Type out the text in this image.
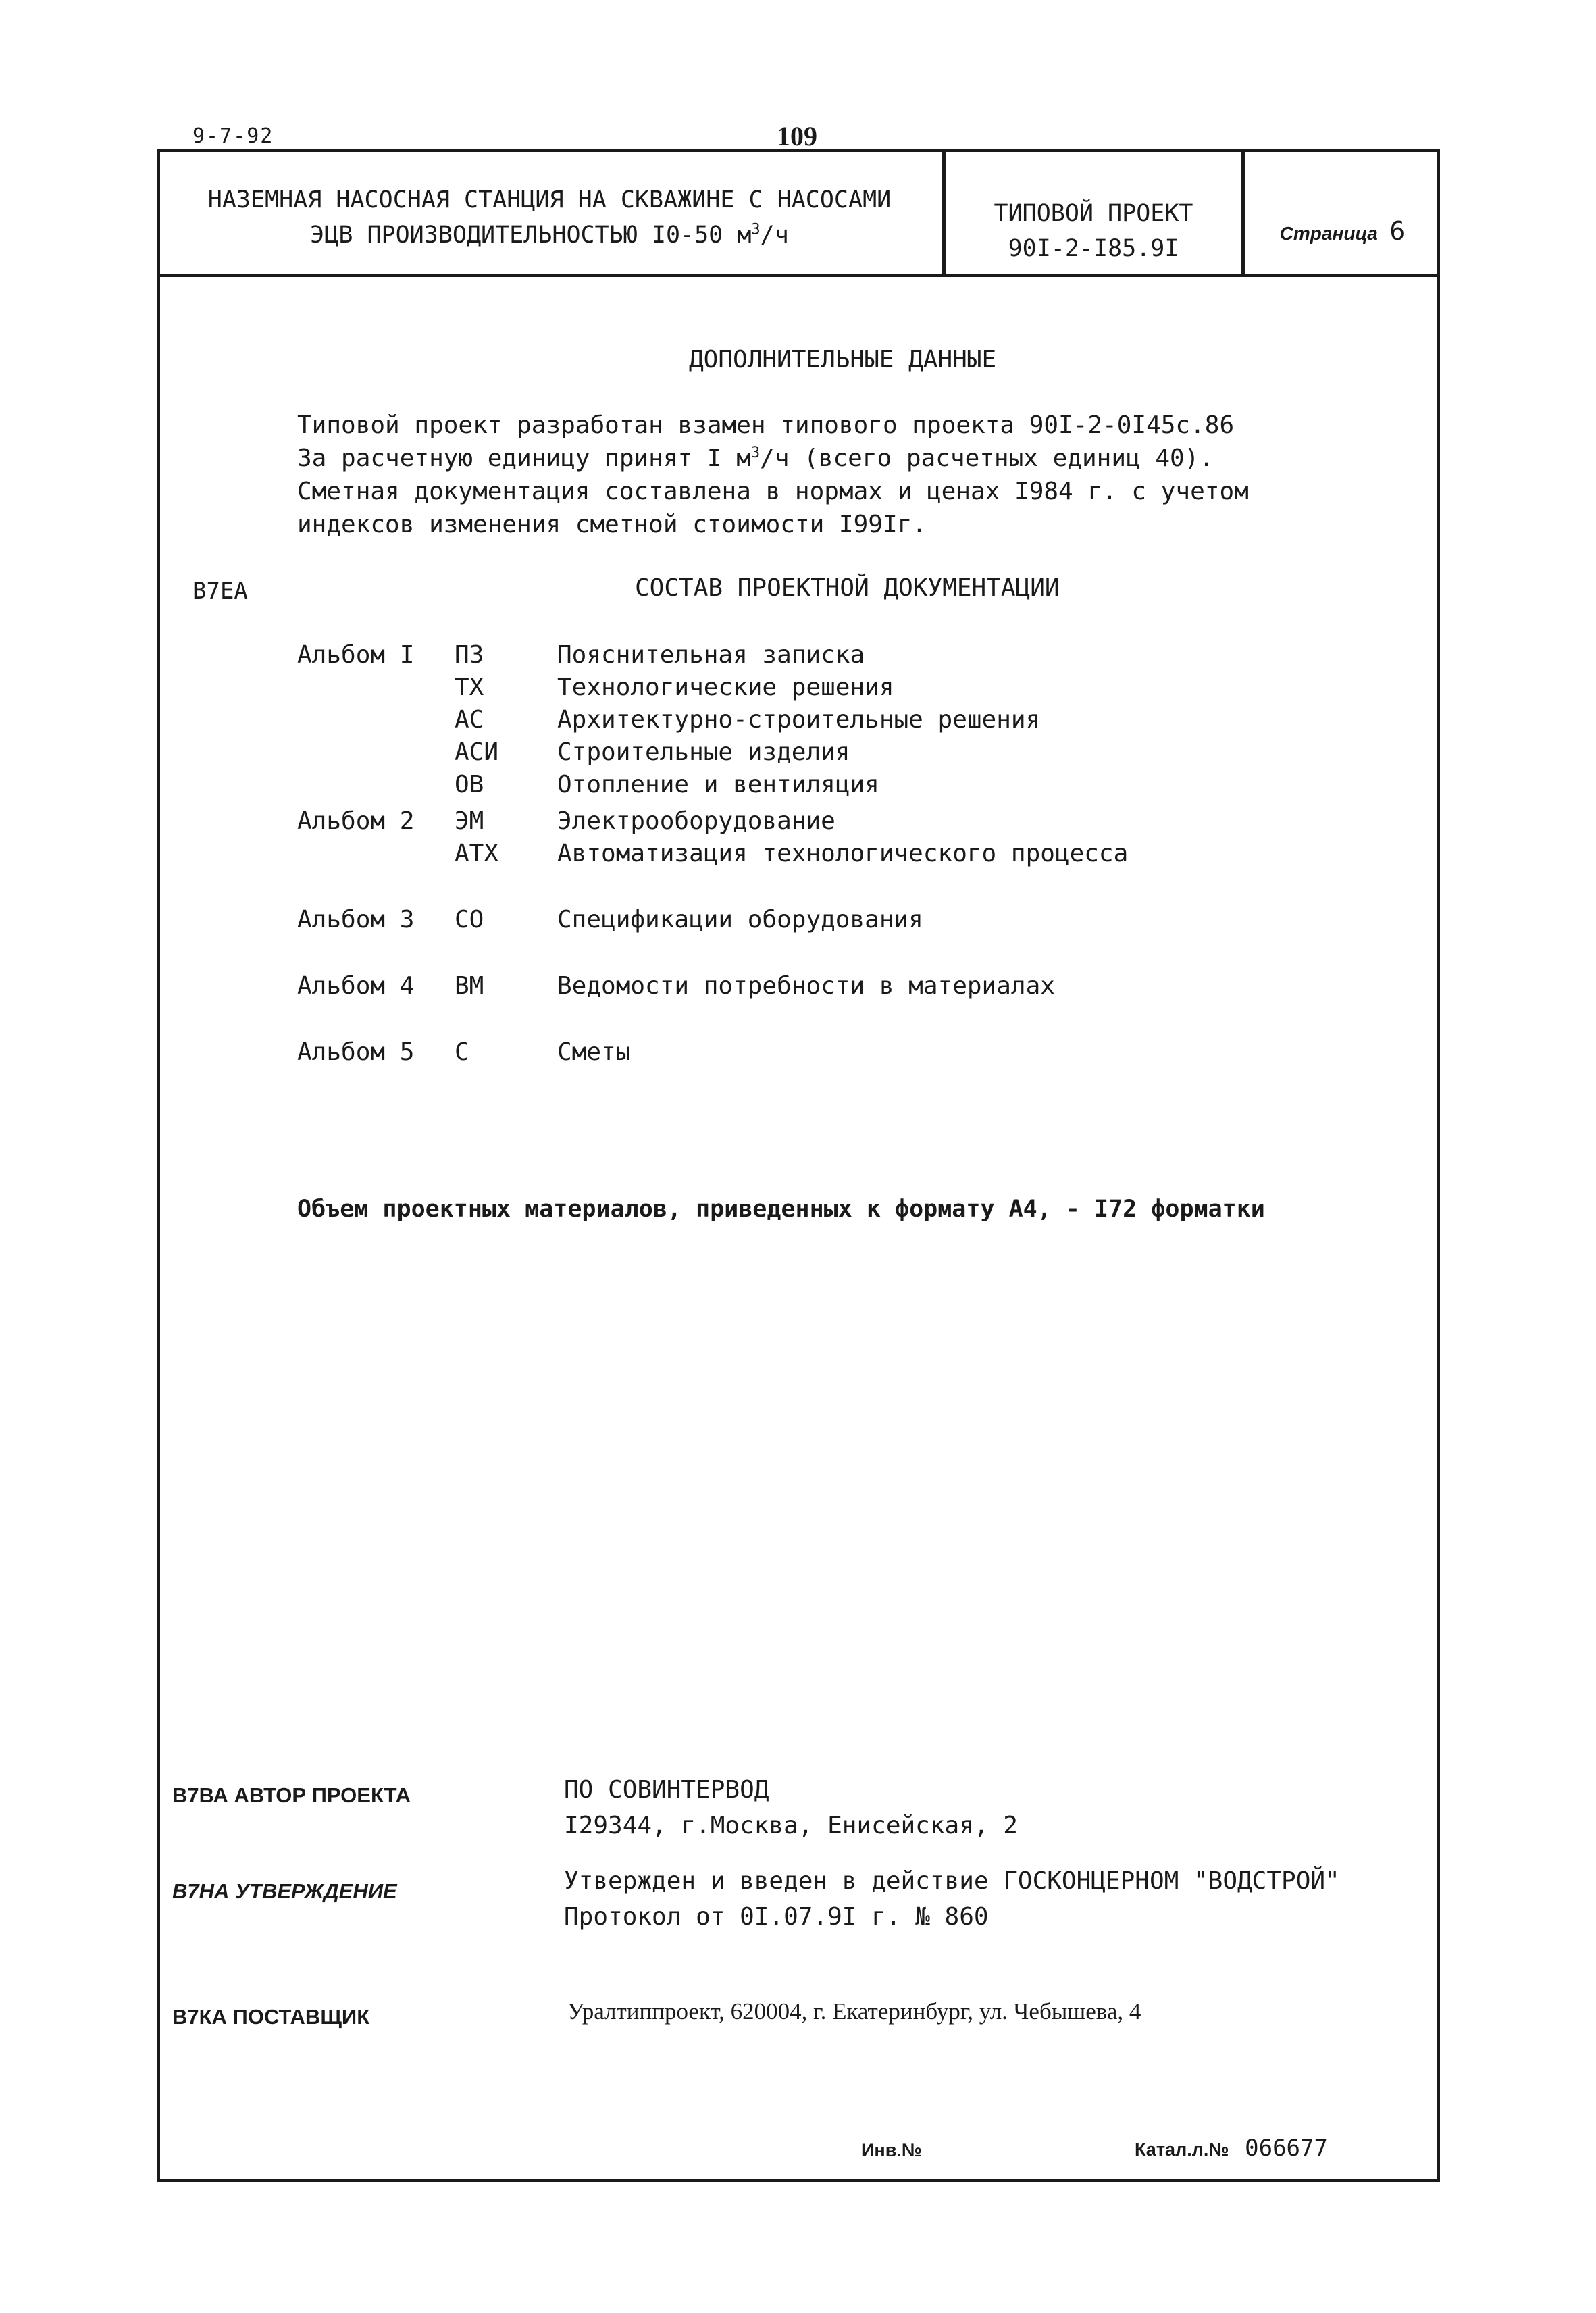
9-7-92	109
НАЗЕМНАЯ НАСОСНАЯ СТАНЦИЯ НА СКВАЖИНЕ С НАСОСАМИ
ЭЦВ ПРОИЗВОДИТЕЛЬНОСТЬЮ I0-50 $м^3/ч$
ТИПОВОЙ ПРОЕКТ
90I-2-I85.9I
Страница 6
ДОПОЛНИТЕЛЬНЫЕ ДАННЫЕ
Типовой проект разработан взамен типового проекта 90I-2-0I45с.86
За расчетную единицу принят I $м^3/ч$ (всего расчетных единиц 40).
Сметная документация составлена в нормах и ценах I984 г. с учетом
индексов изменения сметной стоимости I99Iг.
В7ЕА	СОСТАВ ПРОЕКТНОЙ ДОКУМЕНТАЦИИ
Альбом I ПЗ	Пояснительная записка
ТХ	Технологические решения
АС	Архитектурно-строительные решения
АСИ Строительные изделия
ОВ	Отопление и вентиляция
Альбом 2 ЭМ	Электрооборудование
АТХ Автоматизация технологического процесса
Альбом 3 СО	Спецификации оборудования
Альбом 4 ВМ	Ведомости потребности в материалах
Альбом 5 С	Сметы
Объем проектных материалов, приведенных к формату А4, - I72 форматки
В7ВА АВТОР ПРОЕКТА	ПО СОВИНТЕРВОД
I29344, г.Москва, Енисейская, 2
В7НА УТВЕРЖДЕНИЕ	Утвержден и введен в действие ГОСКОНЦЕРНОМ "ВОДСТРОЙ"
Протокол от 0I.07.9I г. № 860
В7КА ПОСТАВЩИК	Уралтиппроект, 620004, г. Екатеринбург, ул. Чебышева, 4
Инв.№	Катал.л.№ 066677
